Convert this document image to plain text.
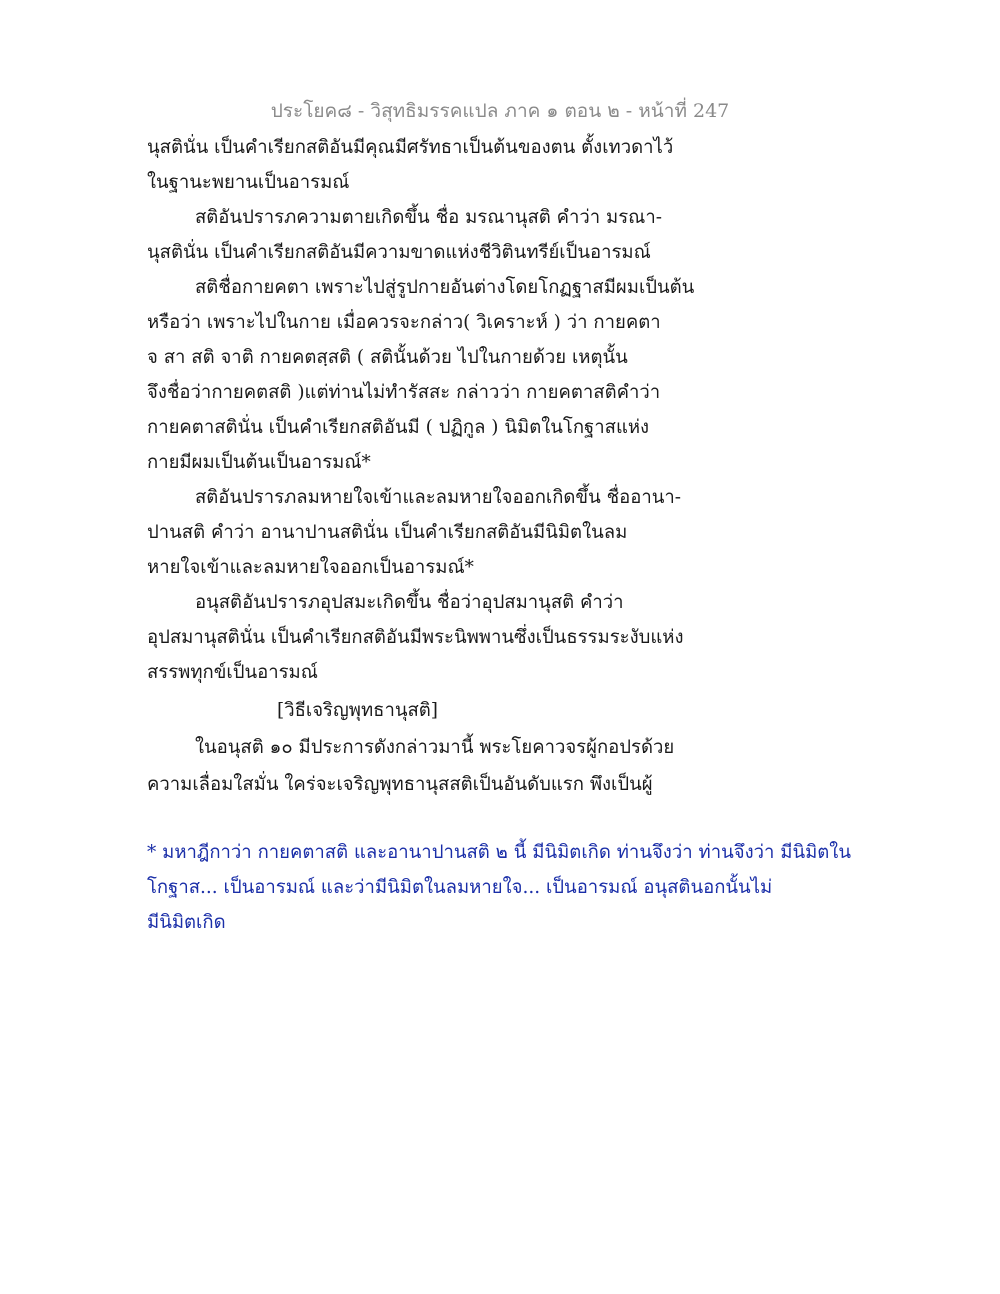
ประโยค๘ - วิสุทธิมรรคแปล ภาค ๑ ตอน ๒ - หน้าที่ 247
นุสตินั่น เป็นคำเรียกสติอันมีคุณมีศรัทธาเป็นต้นของตน ตั้งเทวดาไว้
ในฐานะพยานเป็นอารมณ์
สติอันปรารภความตายเกิดขึ้น ชื่อ มรณานุสติ คำว่า มรณา-
นุสตินั่น เป็นคำเรียกสติอันมีความขาดแห่งชีวิตินทรีย์เป็นอารมณ์
สติชื่อกายคตา เพราะไปสู่รูปกายอันต่างโดยโกฏฐาสมีผมเป็นต้น
หรือว่า เพราะไปในกาย เมื่อควรจะกล่าว( วิเคราะห์ ) ว่า กายคตา
จ สา สติ จาติ กายคตสฺสติ ( สตินั้นด้วย ไปในกายด้วย เหตุนั้น
จึงชื่อว่ากายคตสติ )แต่ท่านไม่ทำรัสสะ กล่าวว่า กายคตาสติคำว่า
กายคตาสตินั่น เป็นคำเรียกสติอันมี ( ปฏิกูล ) นิมิตในโกฐาสแห่ง
กายมีผมเป็นต้นเป็นอารมณ์*
สติอันปรารภลมหายใจเข้าและลมหายใจออกเกิดขึ้น ชื่ออานา-
ปานสติ คำว่า อานาปานสตินั่น เป็นคำเรียกสติอันมีนิมิตในลม
หายใจเข้าและลมหายใจออกเป็นอารมณ์*
อนุสติอันปรารภอุปสมะเกิดขึ้น ชื่อว่าอุปสมานุสติ คำว่า
อุปสมานุสตินั่น เป็นคำเรียกสติอันมีพระนิพพานซึ่งเป็นธรรมระงับแห่ง
สรรพทุกข์เป็นอารมณ์
[วิธีเจริญพุทธานุสติ]
ในอนุสติ ๑๐ มีประการดังกล่าวมานี้ พระโยคาวจรผู้กอปรด้วย
ความเลื่อมใสมั่น ใคร่จะเจริญพุทธานุสสติเป็นอันดับแรก พึงเป็นผู้
* มหาฎีกาว่า กายคตาสติ และอานาปานสติ ๒ นี้ มีนิมิตเกิด ท่านจึงว่า ท่านจึงว่า มีนิมิตใน
โกฐาส... เป็นอารมณ์ และว่ามีนิมิตในลมหายใจ... เป็นอารมณ์ อนุสตินอกนั้นไม่
มีนิมิตเกิด
